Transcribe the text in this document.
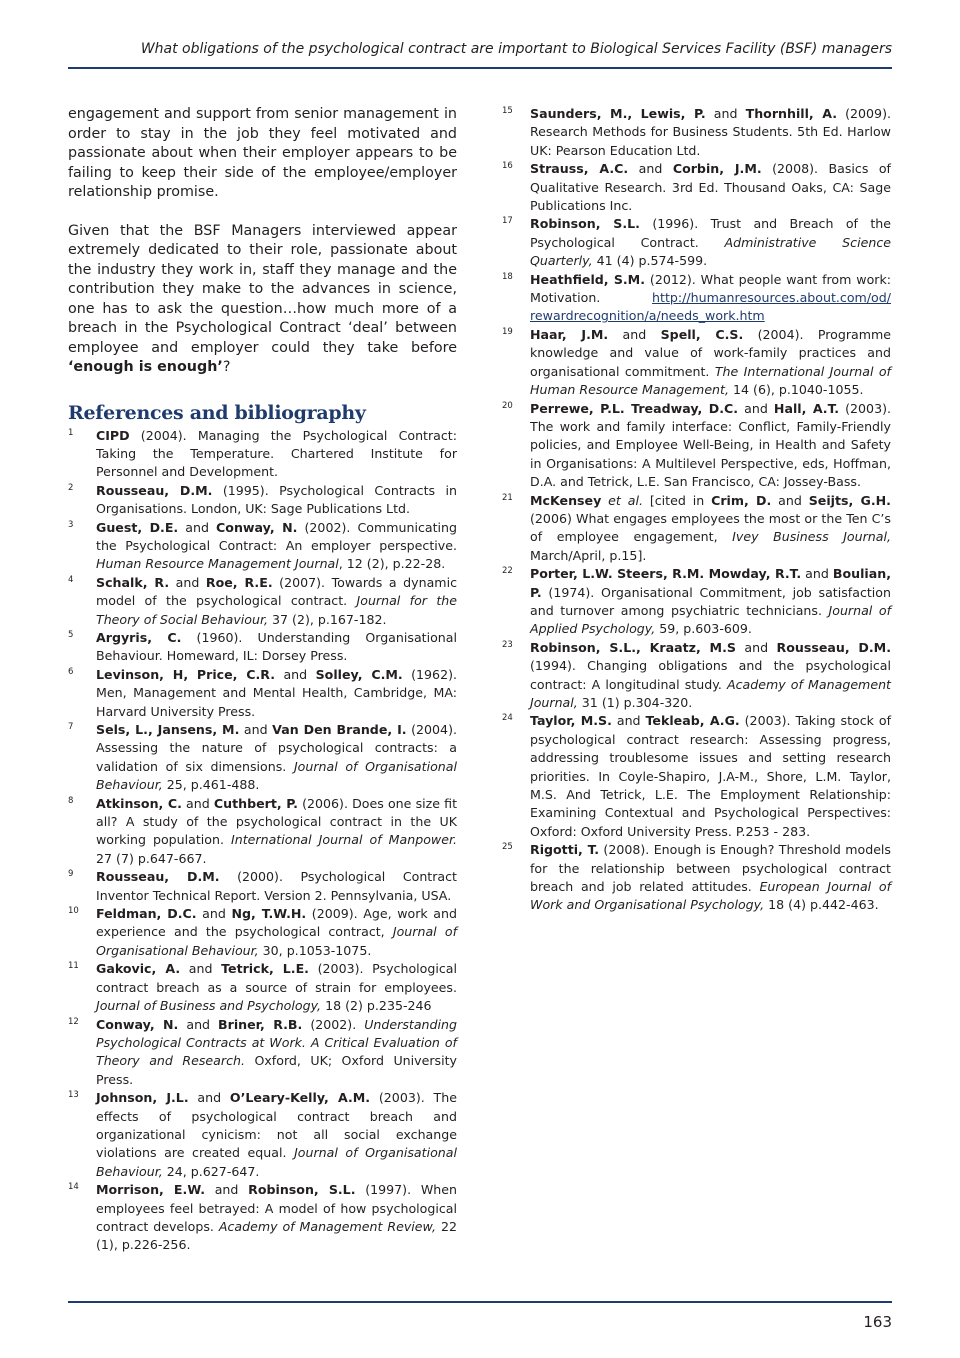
What obligations of the psychological contract are important to Biological Services Facility (BSF) managers

engagement and support from senior management in order to stay in the job they feel motivated and passionate about when their employer appears to be failing to keep their side of the employee/employer relationship promise.

Given that the BSF Managers interviewed appear extremely dedicated to their role, passionate about the industry they work in, staff they manage and the contribution they make to the advances in science, one has to ask the question…how much more of a breach in the Psychological Contract ‘deal’ between employee and employer could they take before ‘enough is enough’?

References and bibliography
1	CIPD (2004). Managing the Psychological Contract: Taking the Temperature. Chartered Institute for Personnel and Development.
2	Rousseau, D.M. (1995). Psychological Contracts in Organisations. London, UK: Sage Publications Ltd.
3	Guest, D.E. and Conway, N. (2002). Communicating the Psychological Contract: An employer perspective. Human Resource Management Journal, 12 (2), p.22-28.
4	Schalk, R. and Roe, R.E. (2007). Towards a dynamic model of the psychological contract. Journal for the Theory of Social Behaviour, 37 (2), p.167-182.
5	Argyris, C. (1960). Understanding Organisational Behaviour. Homeward, IL: Dorsey Press.
6	Levinson, H, Price, C.R. and Solley, C.M. (1962). Men, Management and Mental Health, Cambridge, MA: Harvard University Press.
7	Sels, L., Jansens, M. and Van Den Brande, I. (2004). Assessing the nature of psychological contracts: a validation of six dimensions. Journal of Organisational Behaviour, 25, p.461-488.
8	Atkinson, C. and Cuthbert, P. (2006). Does one size fit all? A study of the psychological contract in the UK working population. International Journal of Manpower. 27 (7) p.647-667.
9	Rousseau, D.M. (2000). Psychological Contract Inventor Technical Report. Version 2. Pennsylvania, USA.
10	Feldman, D.C. and Ng, T.W.H. (2009). Age, work and experience and the psychological contract, Journal of Organisational Behaviour, 30, p.1053-1075.
11	Gakovic, A. and Tetrick, L.E. (2003). Psychological contract breach as a source of strain for employees. Journal of Business and Psychology, 18 (2) p.235-246
12	Conway, N. and Briner, R.B. (2002). Understanding Psychological Contracts at Work. A Critical Evaluation of Theory and Research. Oxford, UK; Oxford University Press.
13	Johnson, J.L. and O’Leary-Kelly, A.M. (2003). The effects of psychological contract breach and organizational cynicism: not all social exchange violations are created equal. Journal of Organisational Behaviour, 24, p.627-647.
14	Morrison, E.W. and Robinson, S.L. (1997). When employees feel betrayed: A model of how psychological contract develops. Academy of Management Review, 22 (1), p.226-256.
15	Saunders, M., Lewis, P. and Thornhill, A. (2009). Research Methods for Business Students. 5th Ed. Harlow UK: Pearson Education Ltd.
16	Strauss, A.C. and Corbin, J.M. (2008). Basics of Qualitative Research. 3rd Ed. Thousand Oaks, CA: Sage Publications Inc.
17	Robinson, S.L. (1996). Trust and Breach of the Psychological Contract. Administrative Science Quarterly, 41 (4) p.574-599.
18	Heathfield, S.M. (2012). What people want from work: Motivation.    http://humanresources.about.com/od/ rewardrecognition/a/needs_work.htm
19	Haar, J.M. and Spell, C.S. (2004). Programme knowledge and value of work-family practices and organisational commitment. The International Journal of Human Resource Management, 14 (6), p.1040-1055.
20	Perrewe, P.L. Treadway, D.C. and Hall, A.T. (2003). The work and family interface: Conflict, Family-Friendly policies, and Employee Well-Being, in Health and Safety in Organisations: A Multilevel Perspective, eds, Hoffman, D.A. and Tetrick, L.E. San Francisco, CA: Jossey-Bass.
21	McKensey et al. [cited in Crim, D. and Seijts, G.H. (2006) What engages employees the most or the Ten C’s of employee engagement, Ivey Business Journal, March/April, p.15].
22	Porter, L.W. Steers, R.M. Mowday, R.T. and Boulian, P. (1974). Organisational Commitment, job satisfaction and turnover among psychiatric technicians. Journal of Applied Psychology, 59, p.603-609.
23	Robinson, S.L., Kraatz, M.S and Rousseau, D.M. (1994). Changing obligations and the psychological contract: A longitudinal study. Academy of Management Journal, 31 (1) p.304-320.
24	Taylor, M.S. and Tekleab, A.G. (2003). Taking stock of psychological contract research: Assessing progress, addressing troublesome issues and setting research priorities. In Coyle-Shapiro, J.A-M., Shore, L.M. Taylor, M.S. And Tetrick, L.E. The Employment Relationship: Examining Contextual and Psychological Perspectives: Oxford: Oxford University Press. P.253 - 283.
25	Rigotti, T. (2008). Enough is Enough? Threshold models for the relationship between psychological contract breach and job related attitudes. European Journal of Work and Organisational Psychology, 18 (4) p.442-463.
163
